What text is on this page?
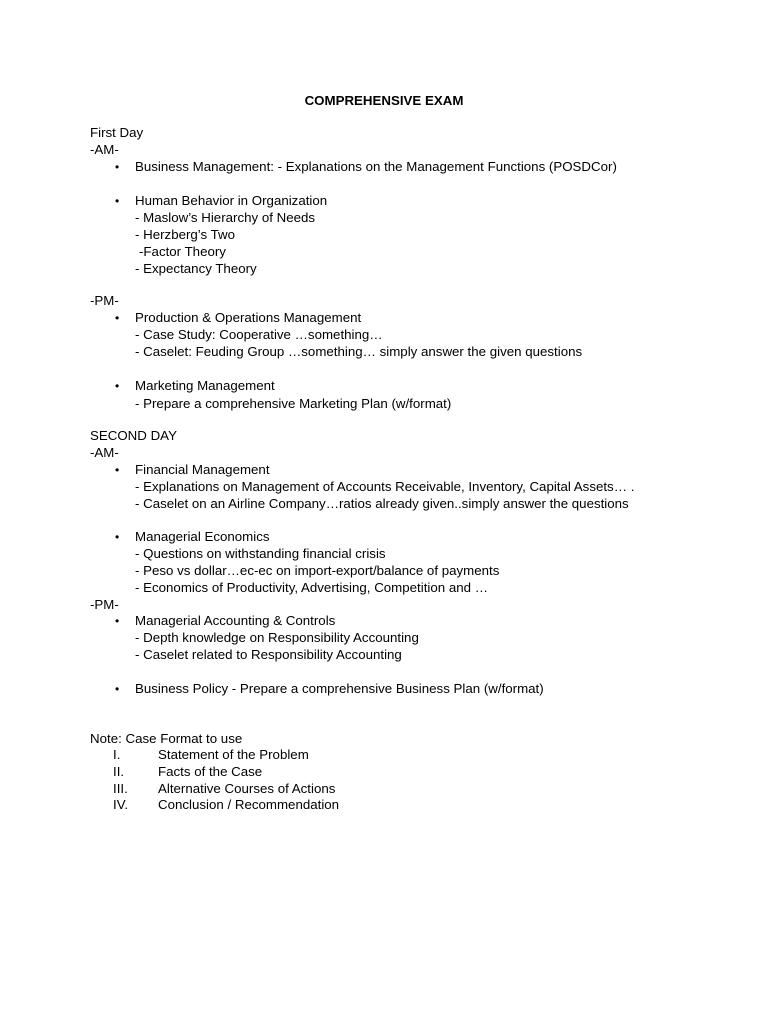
COMPREHENSIVE EXAM
First Day
-AM-
• Business Management: - Explanations on the Management Functions (POSDCor)
• Human Behavior in Organization
- Maslow’s Hierarchy of Needs
- Herzberg’s Two
-Factor Theory
- Expectancy Theory
-PM-
• Production & Operations Management
- Case Study: Cooperative …something…
- Caselet: Feuding Group …something… simply answer the given questions
• Marketing Management
- Prepare a comprehensive Marketing Plan (w/format)
SECOND DAY
-AM-
• Financial Management
- Explanations on Management of Accounts Receivable, Inventory, Capital Assets… .
- Caselet on an Airline Company…ratios already given..simply answer the questions
• Managerial Economics
- Questions on withstanding financial crisis
- Peso vs dollar…ec-ec on import-export/balance of payments
- Economics of Productivity, Advertising, Competition and …
-PM-
• Managerial Accounting & Controls
- Depth knowledge on Responsibility Accounting
- Caselet related to Responsibility Accounting
• Business Policy - Prepare a comprehensive Business Plan (w/format)
Note: Case Format to use
I.	Statement of the Problem
II.	Facts of the Case
III. Alternative Courses of Actions
IV. Conclusion / Recommendation
